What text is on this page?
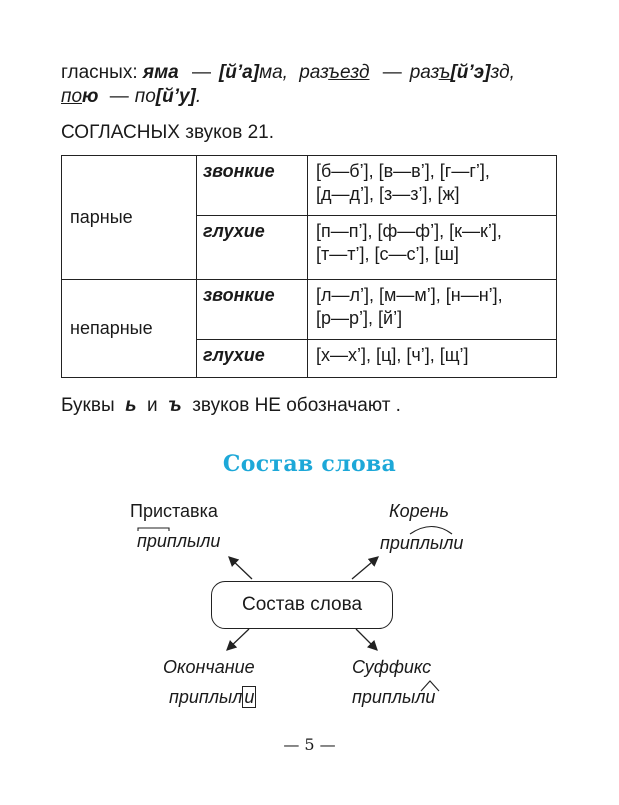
гласных: яма — [й’а]ма, разъезд — разъ[й’э]зд,
пою — по[й’у].
СОГЛАСНЫХ звуков 21.
парные	звонкие	[б—б’], [в—в’], [г—г’],
[д—д’], [з—з’], [ж]

	глухие	[п—п’], [ф—ф’], [к—к’],
[т—т’], [с—с’], [ш]

непарные	звонкие	[л—л’], [м—м’], [н—н’],
[р—р’], [й’]

	глухие	[х—х’], [ц], [ч’], [щ’]
Буквы ь и ъ звуков НЕ обозначают .
Состав слова
Состав слова
Приставка
приплыли
Корень
приплыли
Окончание
приплыл и
Суффикс
приплыли
— 5 —
